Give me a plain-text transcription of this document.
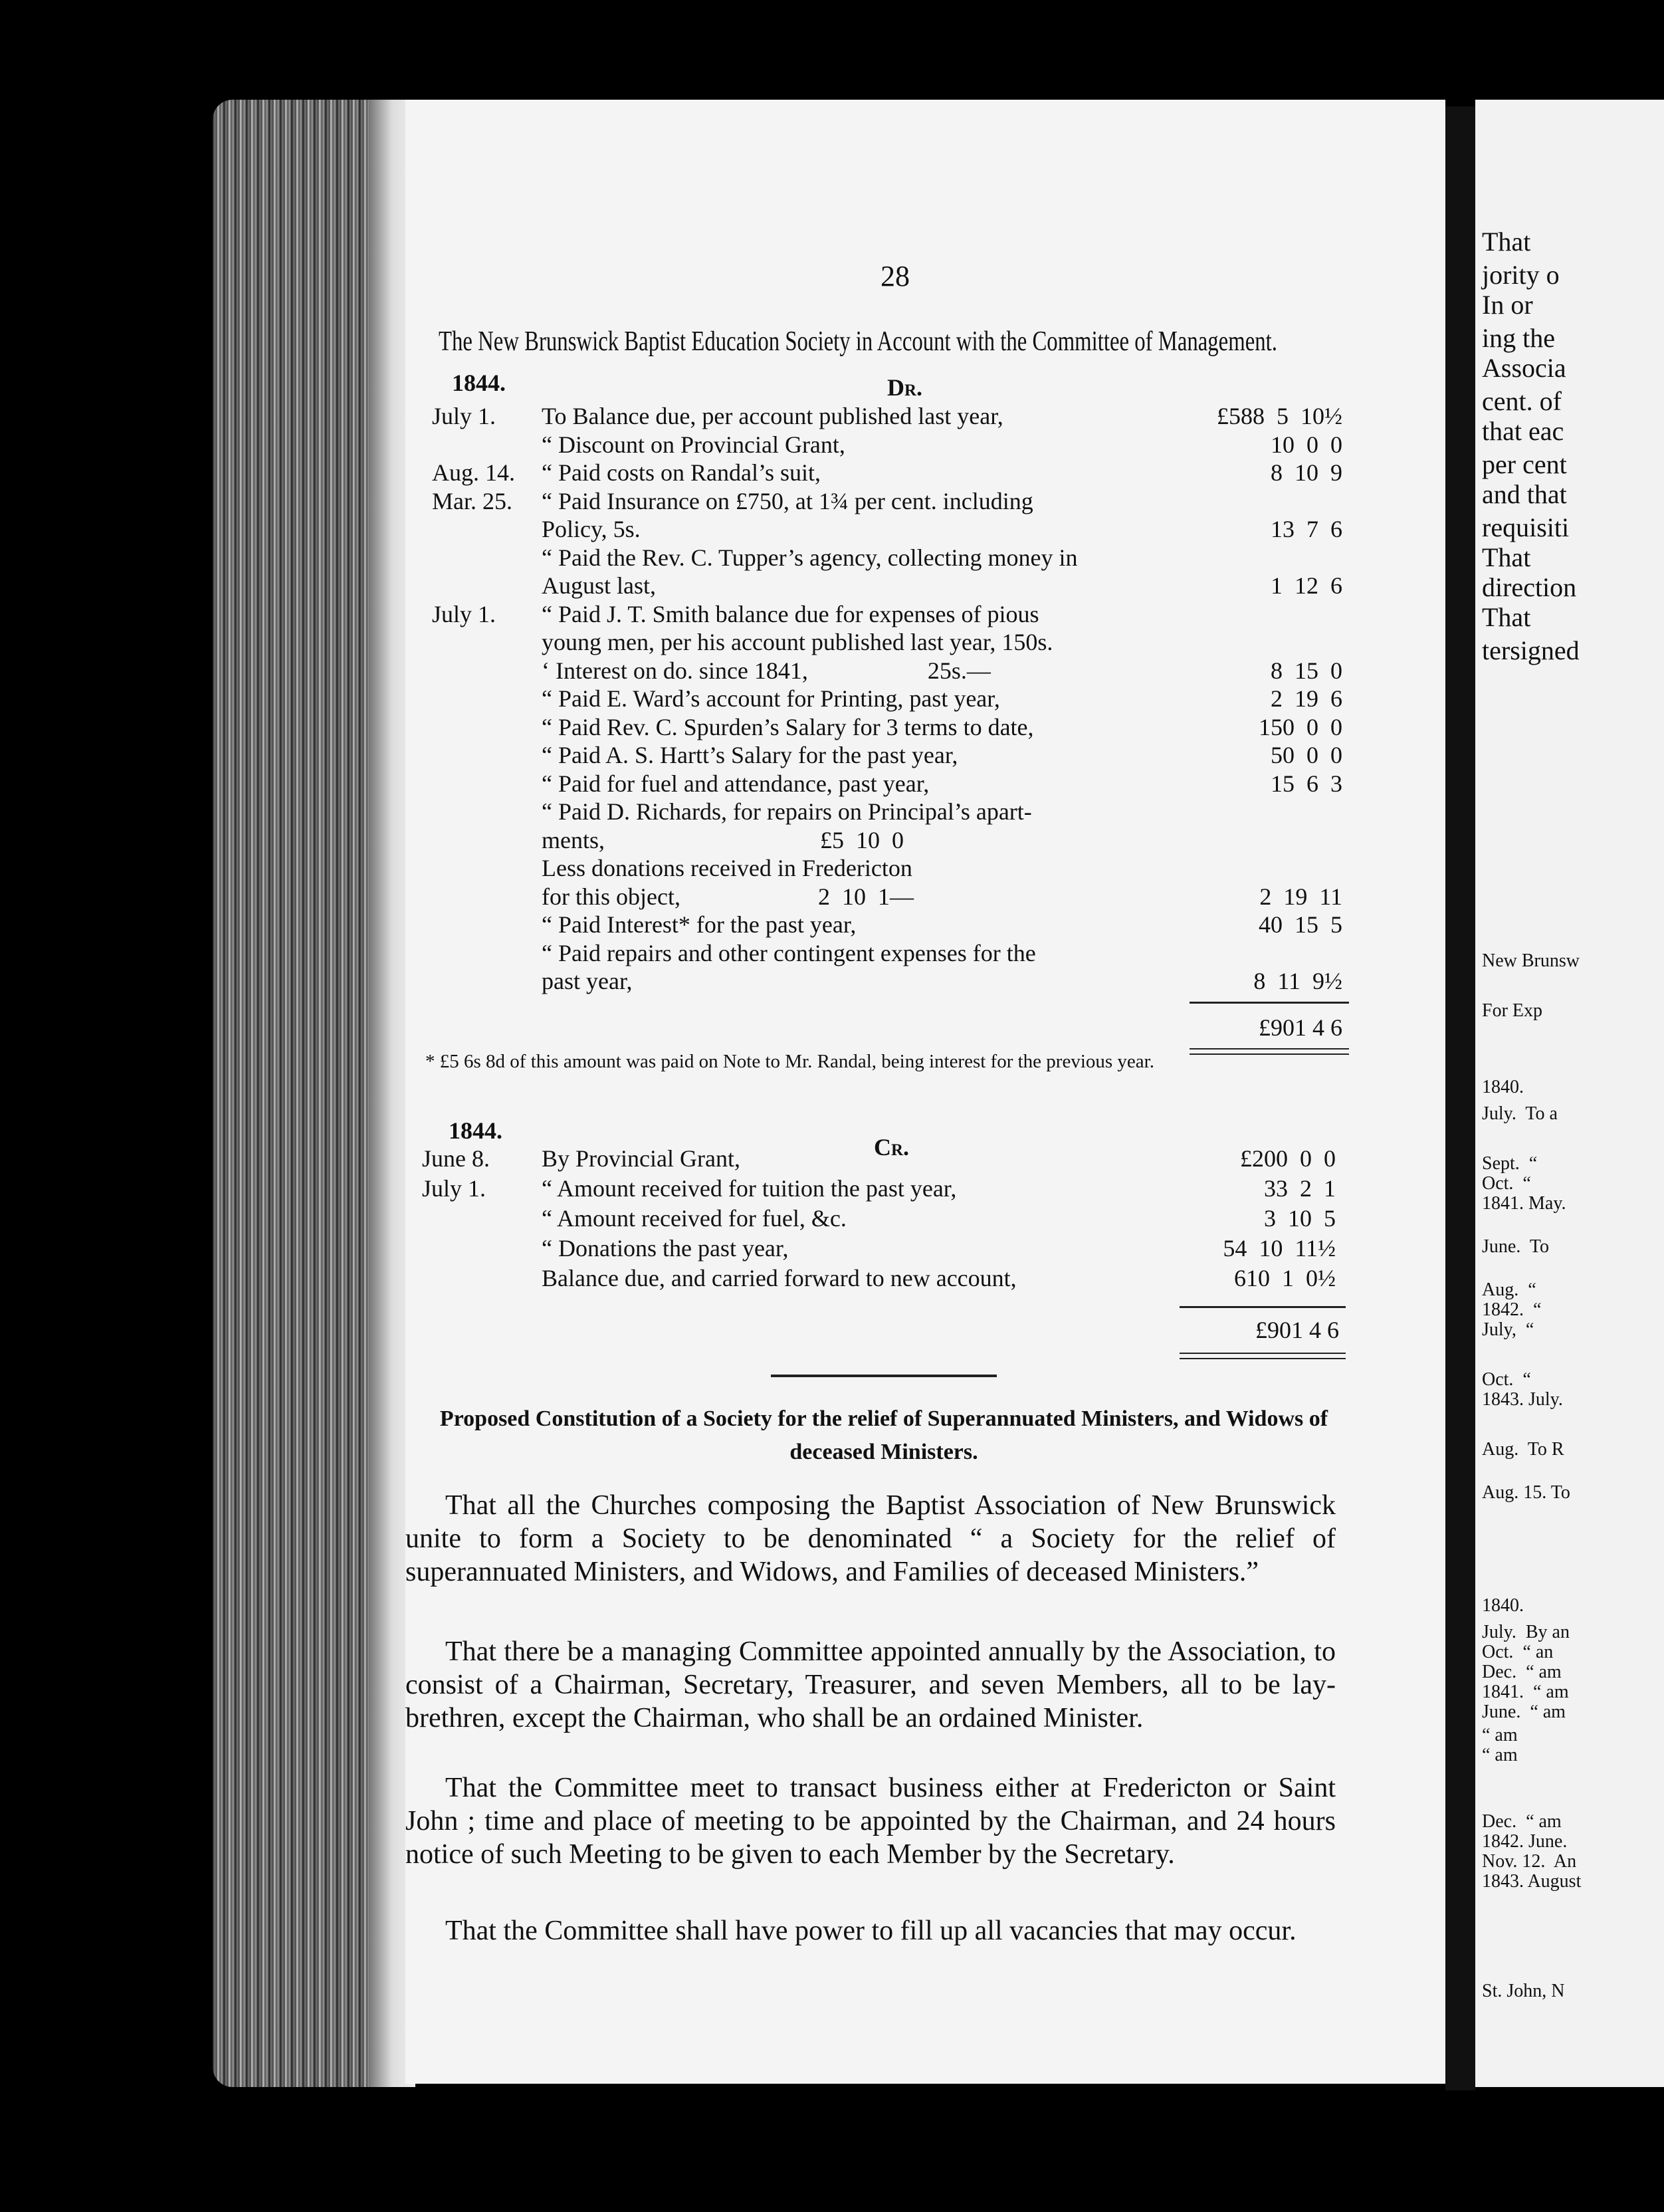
That
jority o
In or
ing the
Associa
cent. of
that eac
per cent
and that
requisiti
That
direction
That
tersigned
New Brunsw
For Exp
1840.
July.  To a
Sept.  “
Oct.  “
1841. May.
June.  To
Aug.  “
1842.  “
July,  “
Oct.  “
1843. July.
Aug.  To R
Aug. 15. To
1840.
July.  By an
Oct.  “ an
Dec.  “ am
1841.  “ am
June.  “ am
“ am
“ am
Dec.  “ am
1842. June.
Nov. 12.  An
1843. August
St. John, N
28
The New Brunswick Baptist Education Society in Account with the Committee of Management.
1844.	Dr.
July 1. To Balance due, per account published last year,	£588  5  10½
“ Discount on Provincial Grant,	10  0  0
Aug. 14. “ Paid costs on Randal’s suit,	8  10  9
Mar. 25. “ Paid Insurance on £750, at 1¾ per cent. including
Policy, 5s.	13  7  6
“ Paid the Rev. C. Tupper’s agency, collecting money in
August last,	1  12  6
July 1. “ Paid J. T. Smith balance due for expenses of pious
young men, per his account published last year, 150s.
‘ Interest on do. since 1841,                    25s.—	8  15  0
“ Paid E. Ward’s account for Printing, past year,	2  19  6
“ Paid Rev. C. Spurden’s Salary for 3 terms to date,	150  0  0
“ Paid A. S. Hartt’s Salary for the past year,	50  0  0
“ Paid for fuel and attendance, past year,	15  6  3
“ Paid D. Richards, for repairs on Principal’s apart-
ments,                                    £5  10  0
Less donations received in Fredericton
for this object,                       2  10  1—	2  19  11
“ Paid Interest* for the past year,	40  15  5
“ Paid repairs and other contingent expenses for the
past year,	8  11  9½
£901 4 6
* £5 6s 8d of this amount was paid on Note to Mr. Randal, being interest for the previous year.
1844.
Cr.
June 8. By Provincial Grant,	£200  0  0
July 1. “ Amount received for tuition the past year,	33  2  1
“ Amount received for fuel, &c.	3  10  5
“ Donations the past year,	54  10  11½
Balance due, and carried forward to new account,	610  1  0½
£901 4 6
Proposed Constitution of a Society for the relief of Superannuated Ministers, and Widows of deceased Ministers.
That all the Churches composing the Baptist Association of New Brunswick unite to form a Society to be denominated “ a Society for the relief of superannuated Ministers, and Widows, and Families of deceased Ministers.”
That there be a managing Committee appointed annually by the Association, to consist of a Chairman, Secretary, Treasurer, and seven Members, all to be lay-brethren, except the Chairman, who shall be an ordained Minister.
That the Committee meet to transact business either at Fredericton or Saint John ; time and place of meeting to be appointed by the Chairman, and 24 hours notice of such Meeting to be given to each Member by the Secretary.
That the Committee shall have power to fill up all vacancies that may occur.
